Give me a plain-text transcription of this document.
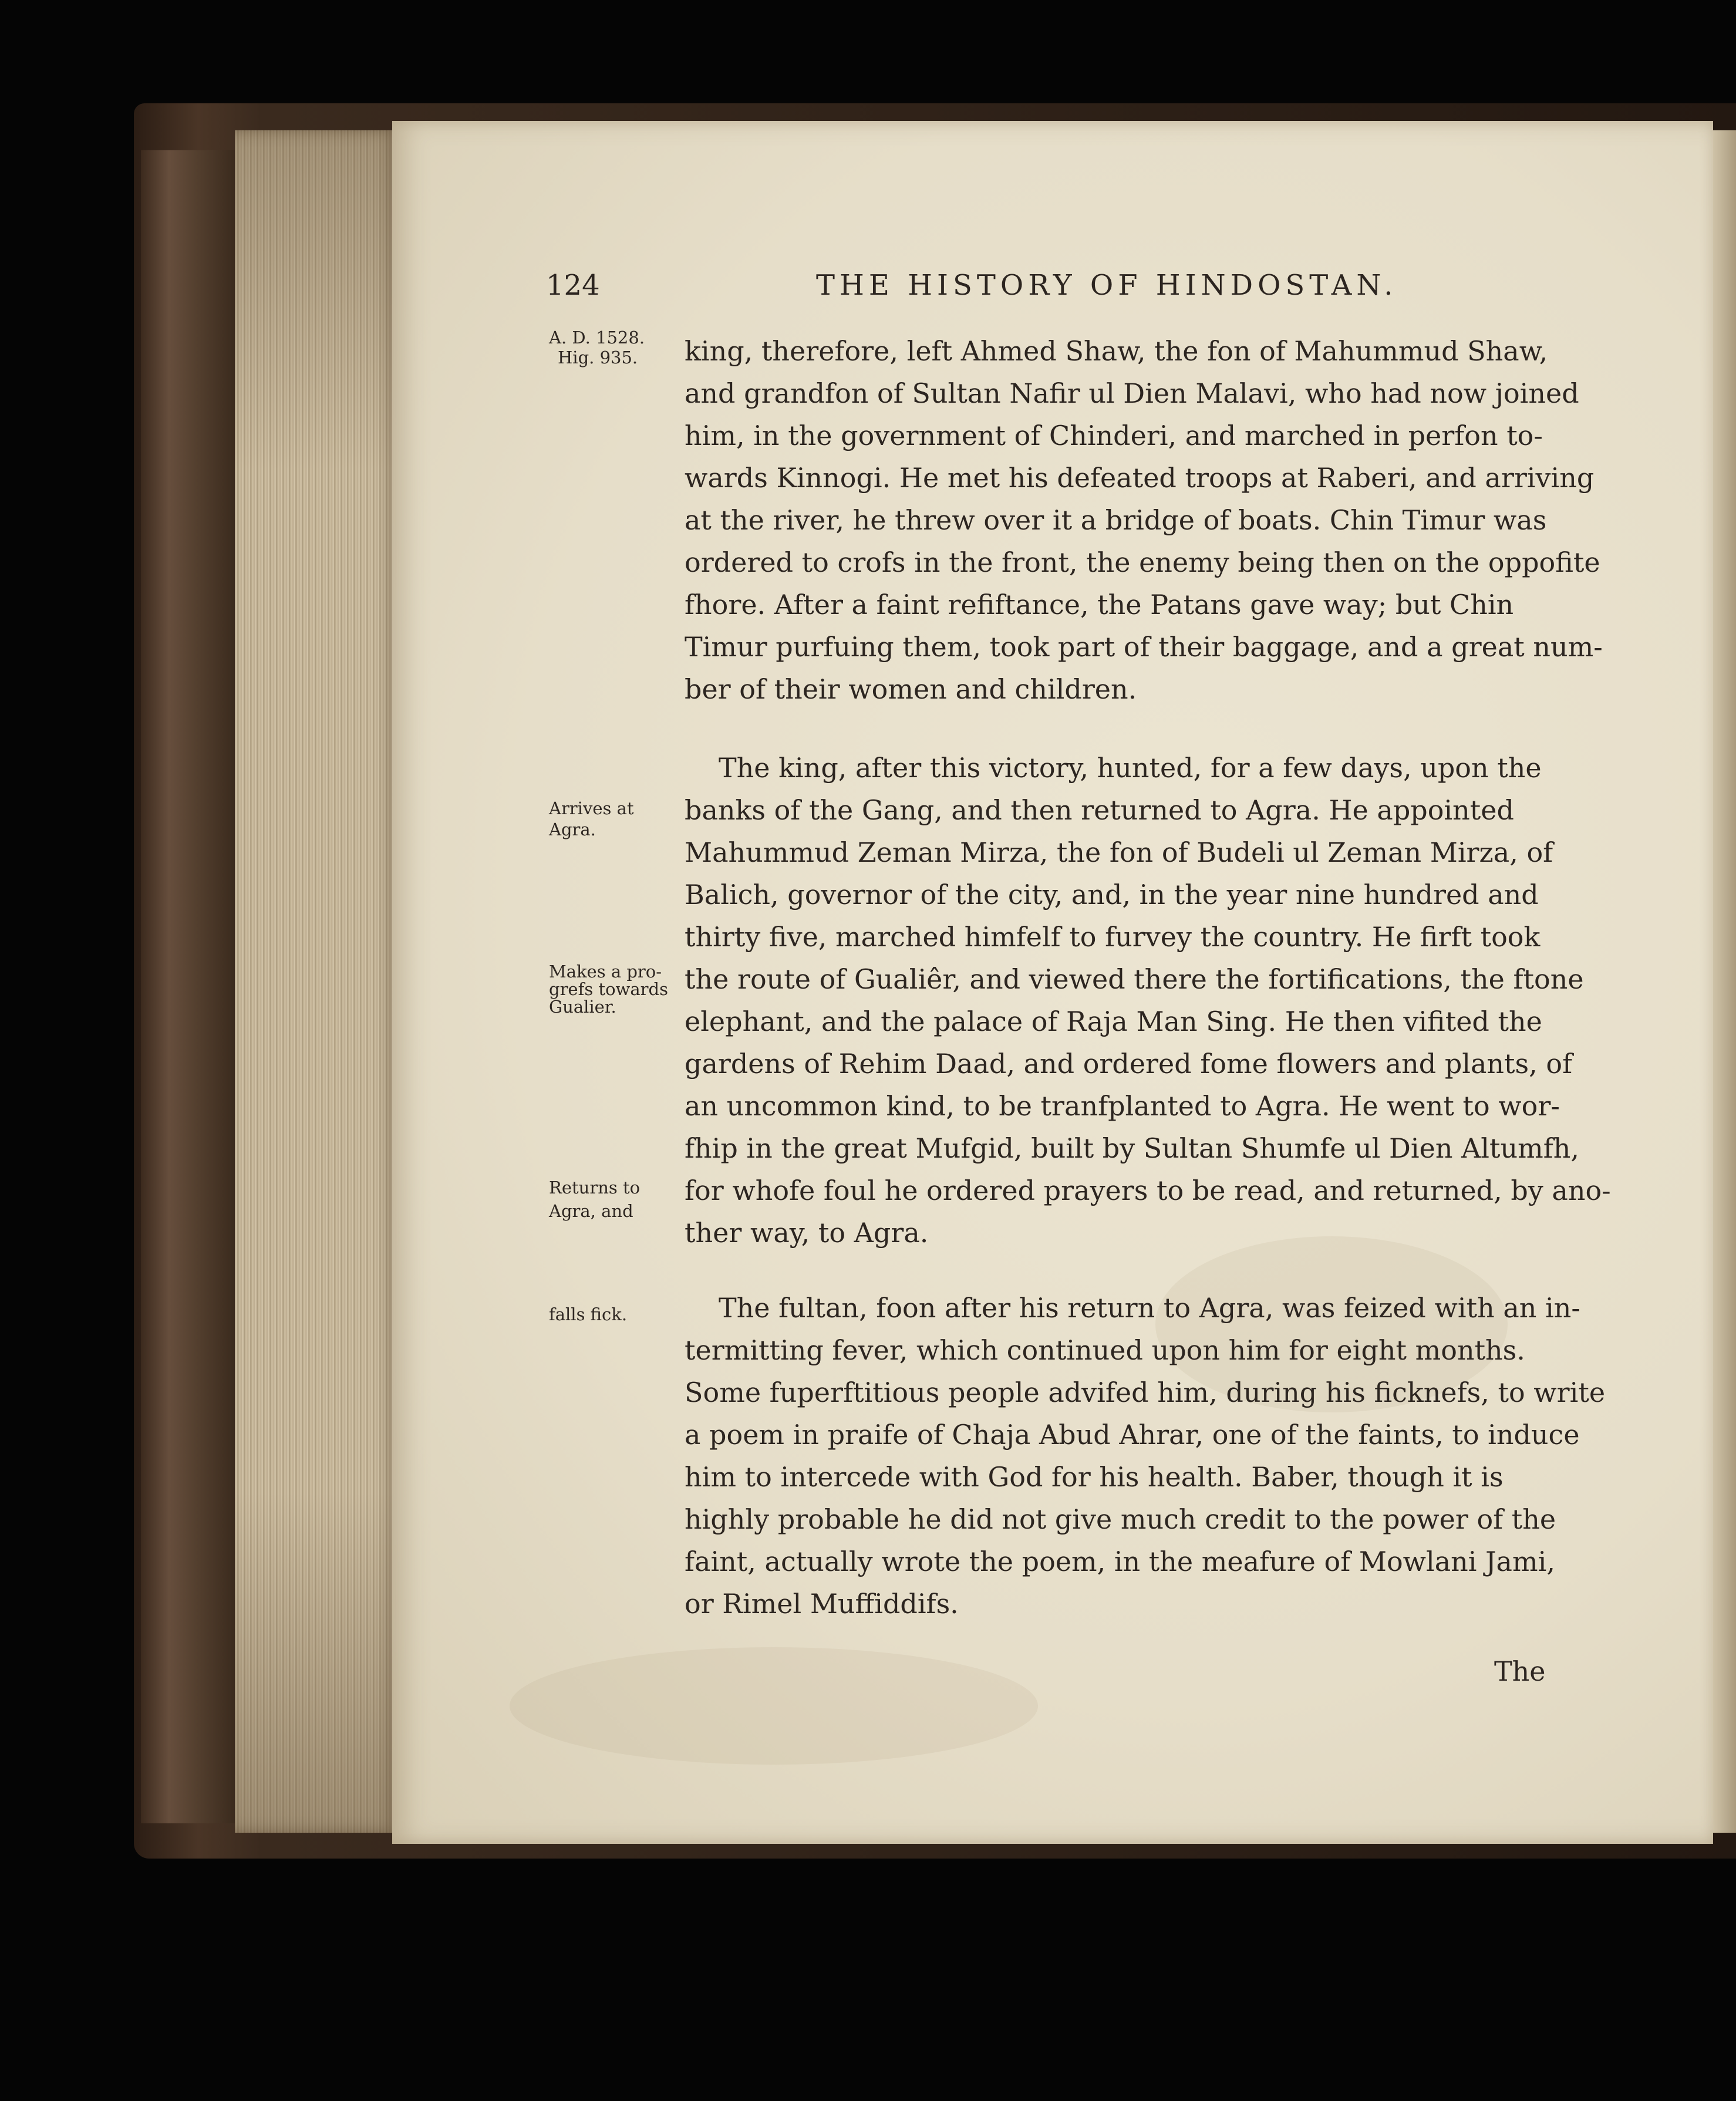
124	THE HISTORY OF HINDOSTAN.
A. D. 1528.
Hig. 935.
Arrives at
Agra.
Makes a pro-
grefs towards
Gualier.
Returns to
Agra, and
falls fick.
king, therefore, left Ahmed Shaw, the fon of Mahummud Shaw,
and grandfon of Sultan Nafir ul Dien Malavi, who had now joined
him, in the government of Chinderi, and marched in perfon to-
wards Kinnogi. He met his defeated troops at Raberi, and arriving
at the river, he threw over it a bridge of boats. Chin Timur was
ordered to crofs in the front, the enemy being then on the oppofite
fhore. After a faint refiftance, the Patans gave way; but Chin
Timur purfuing them, took part of their baggage, and a great num-
ber of their women and children.
The king, after this victory, hunted, for a few days, upon the
banks of the Gang, and then returned to Agra. He appointed
Mahummud Zeman Mirza, the fon of Budeli ul Zeman Mirza, of
Balich, governor of the city, and, in the year nine hundred and
thirty five, marched himfelf to furvey the country. He firft took
the route of Gualiêr, and viewed there the fortifications, the ftone
elephant, and the palace of Raja Man Sing. He then vifited the
gardens of Rehim Daad, and ordered fome flowers and plants, of
an uncommon kind, to be tranfplanted to Agra. He went to wor-
fhip in the great Mufgid, built by Sultan Shumfe ul Dien Altumfh,
for whofe foul he ordered prayers to be read, and returned, by ano-
ther way, to Agra.
The fultan, foon after his return to Agra, was feized with an in-
termitting fever, which continued upon him for eight months.
Some fuperftitious people advifed him, during his ficknefs, to write
a poem in praife of Chaja Abud Ahrar, one of the faints, to induce
him to intercede with God for his health. Baber, though it is
highly probable he did not give much credit to the power of the
faint, actually wrote the poem, in the meafure of Mowlani Jami,
or Rimel Muffiddifs.
The
